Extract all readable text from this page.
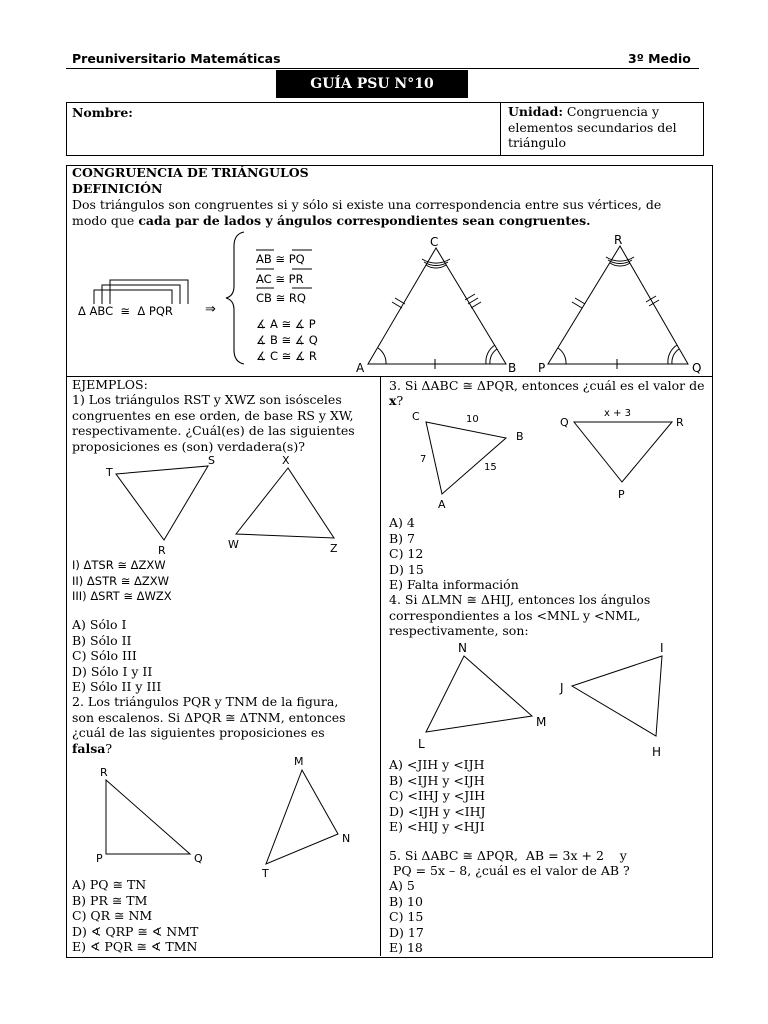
Preuniversitario Matemáticas	3º Medio
GUÍA PSU N°10
Nombre:	Unidad: Congruencia y elementos secundarios del triángulo
CONGRUENCIA DE TRIÁNGULOS
DEFINICIÓN
Dos triángulos son congruentes si y sólo si existe una correspondencia entre sus vértices, de
modo que cada par de lados y ángulos correspondientes sean congruentes.
Δ ABC  ≅  Δ PQR ⇒
AB ≅ PQ
AC ≅ PR
CB ≅ RQ
∡ A ≅ ∡ P
∡ B ≅ ∡ Q
∡ C ≅ ∡ R
A	B
C
P	Q
R
EJEMPLOS:
1) Los triángulos RST y XWZ son isósceles
congruentes en ese orden, de base RS y XW,
respectivamente. ¿Cuál(es) de las siguientes
proposiciones es (son) verdadera(s)?
T
S
R
X
W	Z
I) ΔTSR ≅ ΔZXW
II) ΔSTR ≅ ΔZXW
III) ΔSRT ≅ ΔWZX
A) Sólo I
B) Sólo II
C) Sólo III
D) Sólo I y II
E) Sólo II y III
2. Los triángulos PQR y TNM de la figura,
son escalenos. Si ΔPQR ≅ ΔTNM, entonces
¿cuál de las siguientes proposiciones es
falsa?
R
P	Q
M
N
T
A) PQ ≅ TN
B) PR ≅ TM
C) QR ≅ NM
D) ∢ QRP ≅ ∢ NMT
E) ∢ PQR ≅ ∢ TMN
3. Si ΔABC ≅ ΔPQR, entonces ¿cuál es el valor de
x?
C
B
A
10
7
15
Q	R
P
x + 3
A) 4
B) 7
C) 12
D) 15
E) Falta información
4. Si ΔLMN ≅ ΔHIJ, entonces los ángulos
correspondientes a los <MNL y <NML,
respectivamente, son:
N
M
L
I
J
H
A) <JIH y <IJH
B) <IJH y <IJH
C) <IHJ y <JIH
D) <IJH y <IHJ
E) <HIJ y <HJI
5. Si ΔABC ≅ ΔPQR,  AB = 3x + 2    y
PQ = 5x – 8, ¿cuál es el valor de AB ?
A) 5
B) 10
C) 15
D) 17
E) 18
